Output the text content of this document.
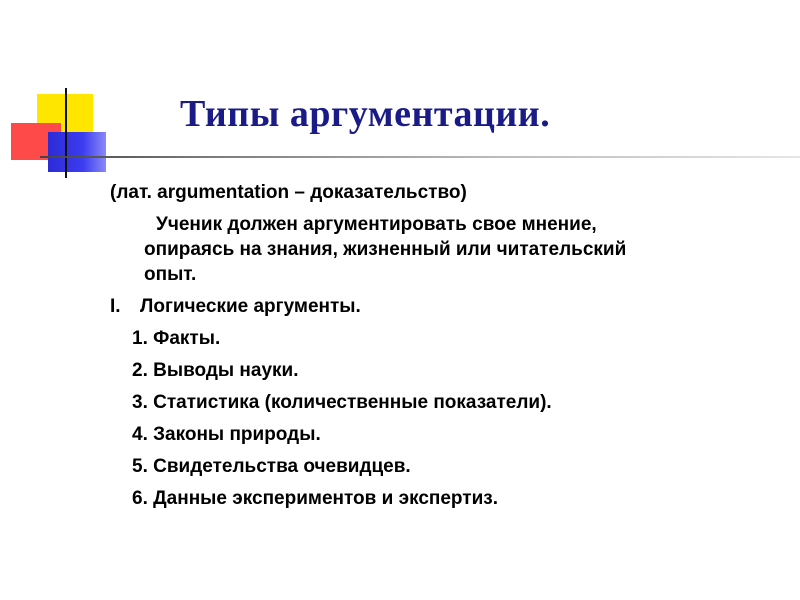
Типы аргументации.

(лат. argumentation – доказательство)

Ученик должен аргументировать свое мнение,
опираясь на знания, жизненный или читательский
опыт.

I. Логические аргументы.

1. Факты.

2. Выводы науки.

3. Статистика (количественные показатели).

4. Законы природы.

5. Свидетельства очевидцев.

6. Данные экспериментов и экспертиз.
